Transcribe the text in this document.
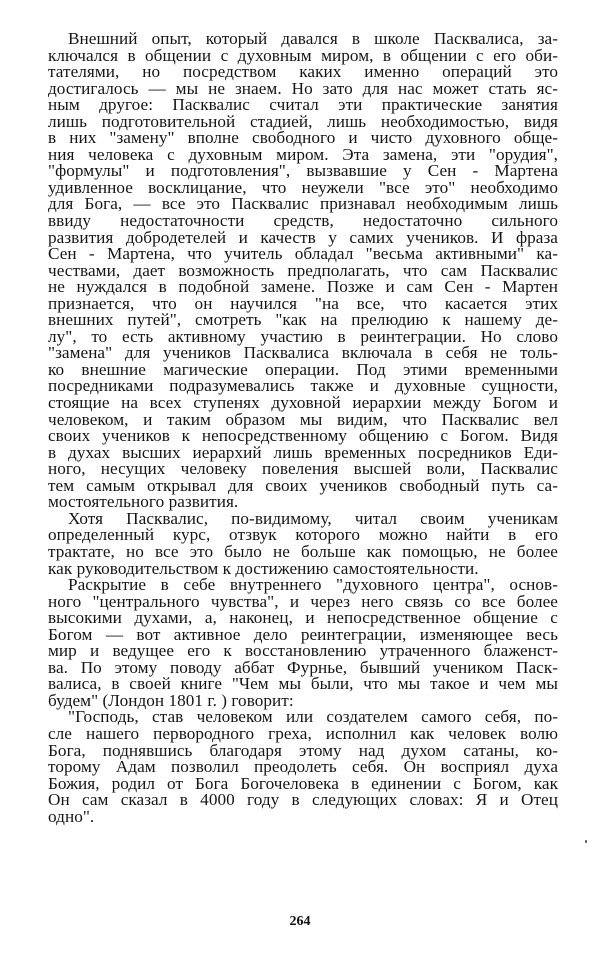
Внешний опыт, который давался в школе Пасквалиса, за-
ключался в общении с духовным миром, в общении с его оби-
тателями, но посредством каких именно операций это
достигалось — мы не знаем. Но зато для нас может стать яс-
ным другое: Пасквалис считал эти практические занятия
лишь подготовительной стадией, лишь необходимостью, видя
в них "замену" вполне свободного и чисто духовного обще-
ния человека с духовным миром. Эта замена, эти "орудия",
"формулы" и подготовления", вызвавшие у Сен - Мартена
удивленное восклицание, что неужели "все это" необходимо
для Бога, — все это Пасквалис признавал необходимым лишь
ввиду недостаточности средств, недостаточно сильного
развития добродетелей и качеств у самих учеников. И фраза
Сен - Мартена, что учитель обладал "весьма активными" ка-
чествами, дает возможность предполагать, что сам Пасквалис
не нуждался в подобной замене. Позже и сам Сен - Мартен
признается, что он научился "на все, что касается этих
внешних путей", смотреть "как на прелюдию к нашему де-
лу", то есть активному участию в реинтеграции. Но слово
"замена" для учеников Пасквалиса включала в себя не толь-
ко внешние магические операции. Под этими временными
посредниками подразумевались также и духовные сущности,
стоящие на всех ступенях духовной иерархии между Богом и
человеком, и таким образом мы видим, что Пасквалис вел
своих учеников к непосредственному общению с Богом. Видя
в духах высших иерархий лишь временных посредников Еди-
ного, несущих человеку повеления высшей воли, Пасквалис
тем самым открывал для своих учеников свободный путь са-
мостоятельного развития.
Хотя Пасквалис, по-видимому, читал своим ученикам
определенный курс, отзвук которого можно найти в его
трактате, но все это было не больше как помощью, не более
как руководительством к достижению самостоятельности.
Раскрытие в себе внутреннего "духовного центра", основ-
ного "центрального чувства", и через него связь со все более
высокими духами, а, наконец, и непосредственное общение с
Богом — вот активное дело реинтеграции, изменяющее весь
мир и ведущее его к восстановлению утраченного блаженст-
ва. По этому поводу аббат Фурнье, бывший учеником Паск-
валиса, в своей книге "Чем мы были, что мы такое и чем мы
будем" (Лондон 1801 г. ) говорит:
"Господь, став человеком или создателем самого себя, по-
сле нашего первородного греха, исполнил как человек волю
Бога, поднявшись благодаря этому над духом сатаны, ко-
торому Адам позволил преодолеть себя. Он восприял духа
Божия, родил от Бога Богочеловека в единении с Богом, как
Он сам сказал в 4000 году в следующих словах: Я и Отец
одно".
264
